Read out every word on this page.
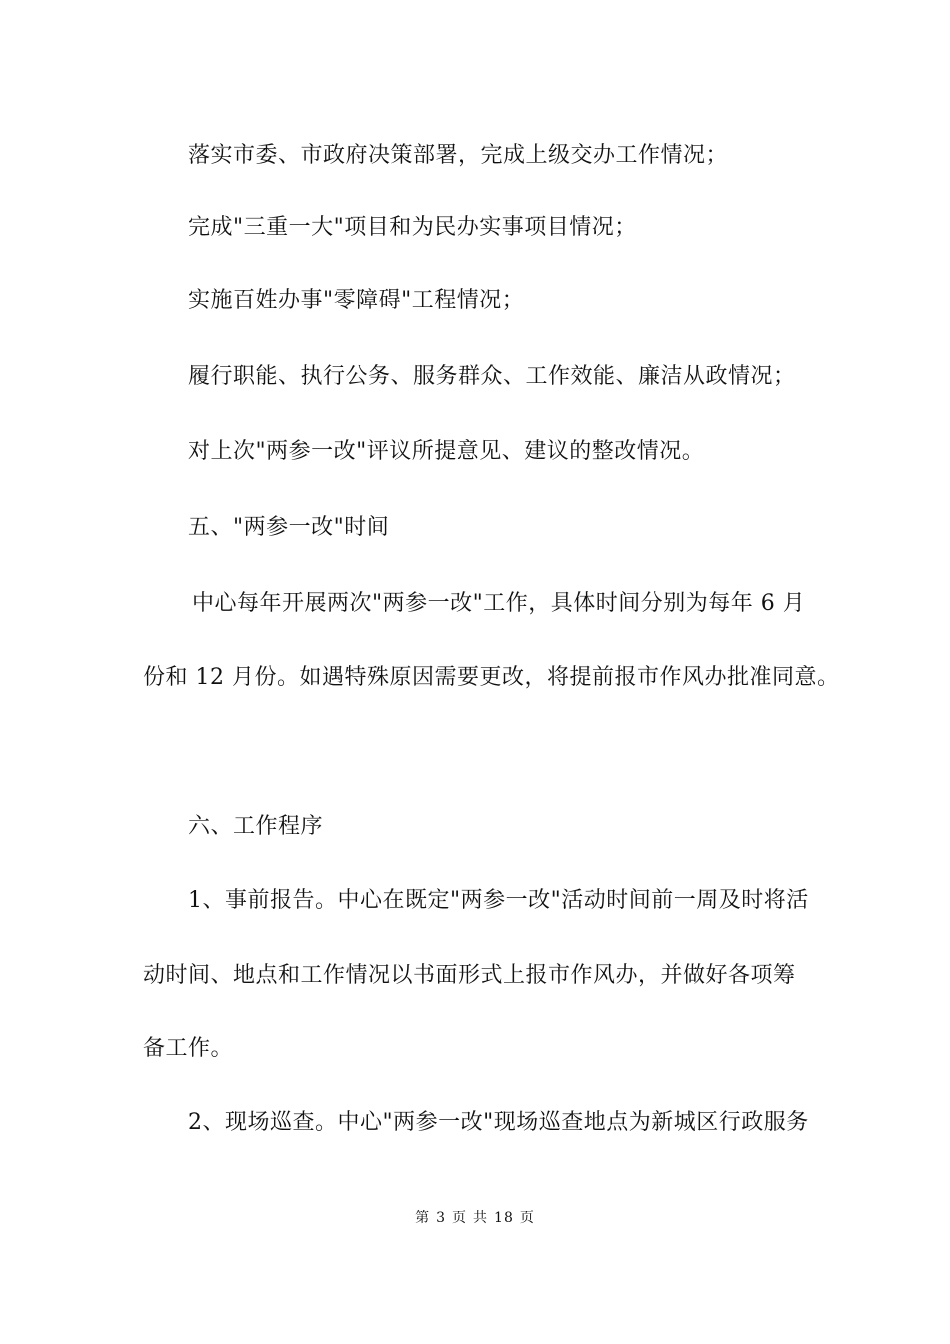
落实市委、市政府决策部署，完成上级交办工作情况；

完成"三重一大"项目和为民办实事项目情况；

实施百姓办事"零障碍"工程情况；

履行职能、执行公务、服务群众、工作效能、廉洁从政情况；

对上次"两参一改"评议所提意见、建议的整改情况。

五、"两参一改"时间

中心每年开展两次"两参一改"工作，具体时间分别为每年 6 月

份和 12 月份。如遇特殊原因需要更改，将提前报市作风办批准同意。

六、工作程序

1、事前报告。中心在既定"两参一改"活动时间前一周及时将活

动时间、地点和工作情况以书面形式上报市作风办，并做好各项筹

备工作。

2、现场巡查。中心"两参一改"现场巡查地点为新城区行政服务

第 3 页 共 18 页
